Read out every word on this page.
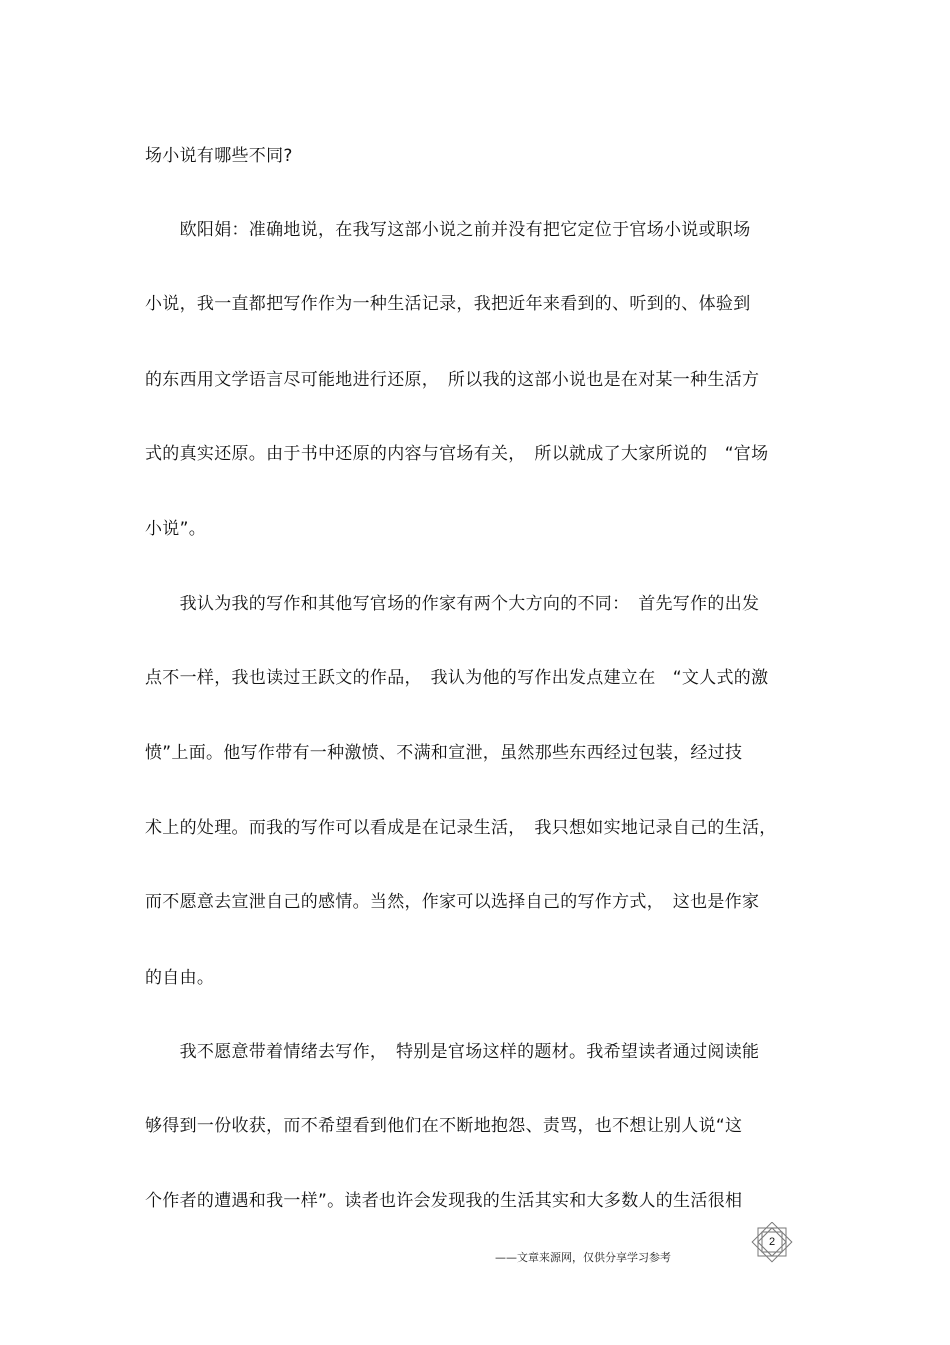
场小说有哪些不同?
　　欧阳娟：准确地说，在我写这部小说之前并没有把它定位于官场小说或职场
小说，我一直都把写作作为一种生活记录，我把近年来看到的、听到的、体验到
的东西用文学语言尽可能地进行还原，　所以我的这部小说也是在对某一种生活方
式的真实还原。由于书中还原的内容与官场有关，　所以就成了大家所说的　“官场
小说”。
　　我认为我的写作和其他写官场的作家有两个大方向的不同：　首先写作的出发
点不一样，我也读过王跃文的作品，　我认为他的写作出发点建立在　“文人式的激
愤”上面。他写作带有一种激愤、不满和宣泄，虽然那些东西经过包装，经过技
术上的处理。而我的写作可以看成是在记录生活，　我只想如实地记录自己的生活，
而不愿意去宣泄自己的感情。当然，作家可以选择自己的写作方式，　这也是作家
的自由。
　　我不愿意带着情绪去写作，　特别是官场这样的题材。我希望读者通过阅读能
够得到一份收获，而不希望看到他们在不断地抱怨、责骂，也不想让别人说“这
个作者的遭遇和我一样”。读者也许会发现我的生活其实和大多数人的生活很相
——文章来源网，仅供分享学习参考
2
